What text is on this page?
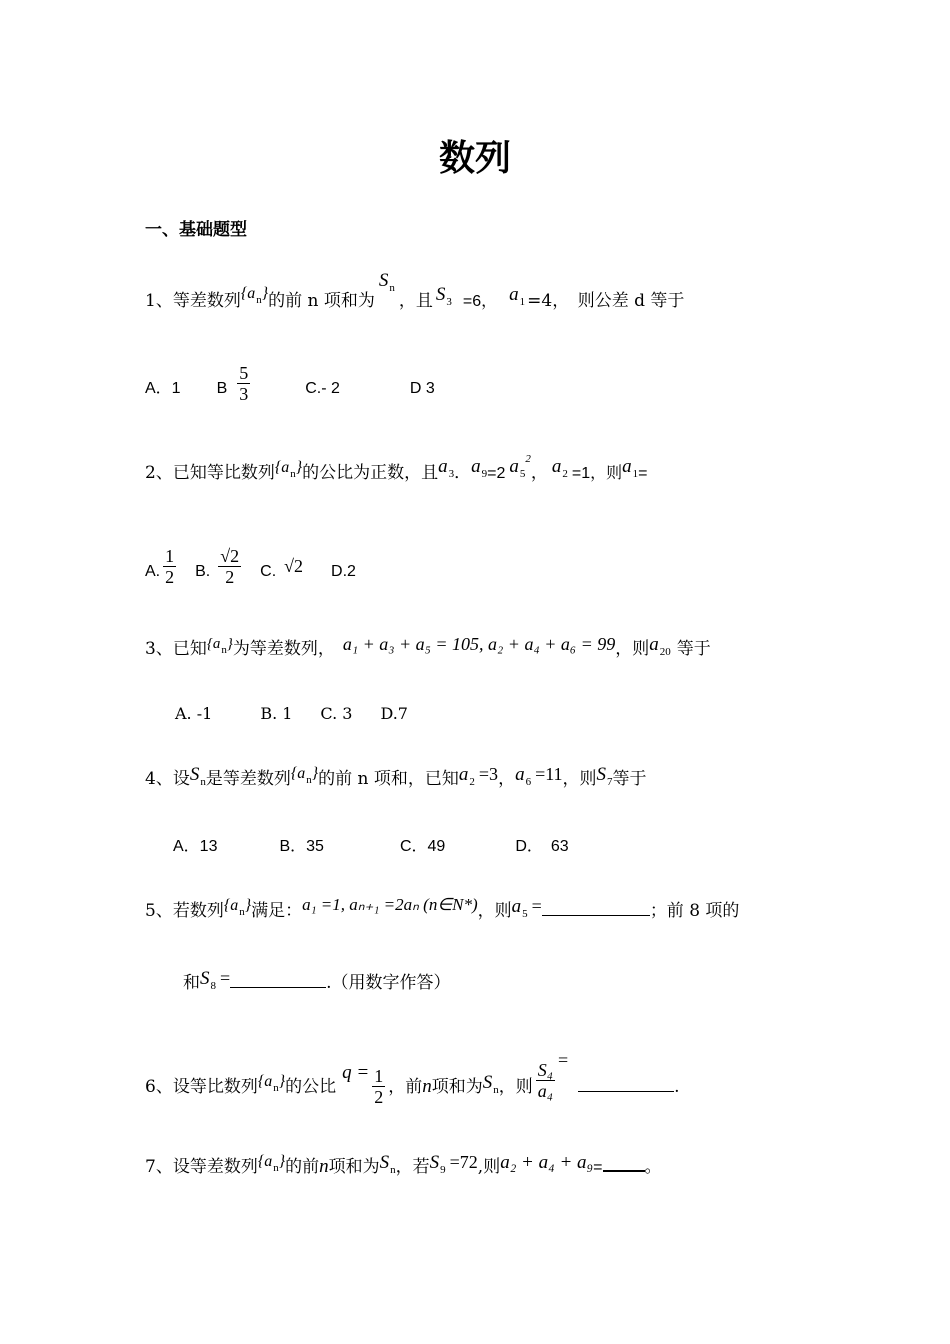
数列
一、基础题型
1、 等差数列 $\{a_n\}$ 的前 n 项和为
$S_n$
，且 $S_3 =6$， $a_1 =4$，　则公差 d 等于
A．1 B $\frac{5}{3}$	C.- 2	D 3
2、 已知等比数列 $\{a_n\}$ 的公比为正数，且 $a_3$ ． $a_9 =2$ $a_5^2$
， $a_2 =1$，则 $a_1$ =
A. $\frac{1}{2} B$. $\frac{√2}{2} C$. √2 D.2
3、 已知 $\{a_n\}$ 为等差数列， a₁ + a₃ + a₅ = 105, a₂ + a₄ + a₆ = 99 ，则 $a_{20}$ 等于
A. -1	B. 1 C. 3 D.7
4、 设 $S_n$ 是等差数列 $\{a_n\}$ 的前 n 项和，已知 $a_2 =3$ ， $a_6 =11$ ，则 $S_7$ 等于
A．13	B．35	C．49	D．　63
5、 若数列 $\{a_n\}$ 满足： a₁ =1, aₙ₊₁ =2aₙ (n∈N*) ，则 $a_5$ =	；前 8 项的
和 $S_8$ =	.（用数字作答）
6、 设等比数列 $\{a_n\}$ 的公比
$q = \frac{1}{2}$ ，前 n 项和为 $S_n$ ，则 $\frac{\text{S₄}}{\text{a₄}}$ =
.
7、 设等差数列 $\{a_n\}$ 的前 n 项和为 $S_n$ ，若 $S_9 =72$ ,则 a₂ + a₄ + a₉ = 。
